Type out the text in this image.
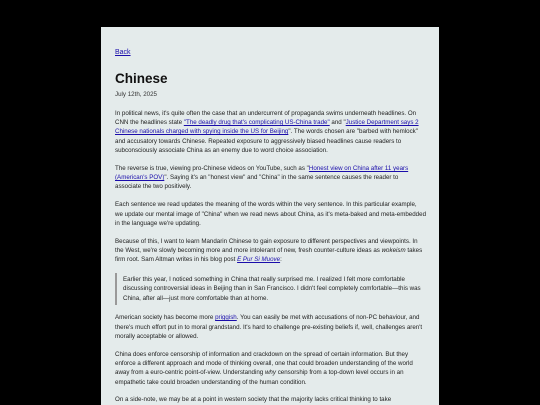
Back
Chinese
July 12th, 2025

In political news, it's quite often the case that an undercurrent of propaganda swims underneath headlines. On CNN the headlines state "The deadly drug that's complicating US-China trade" and "Justice Department says 2 Chinese nationals charged with spying inside the US for Beijing". The words chosen are "barbed with hemlock" and accusatory towards Chinese. Repeated exposure to aggressively biased headlines cause readers to subconsciously associate China as an enemy due to word choice association.

The reverse is true, viewing pro-Chinese videos on YouTube, such as "Honest view on China after 11 years (American's POV)". Saying it's an "honest view" and "China" in the same sentence causes the reader to associate the two positively.

Each sentence we read updates the meaning of the words within the very sentence. In this particular example, we update our mental image of "China" when we read news about China, as it's meta-baked and meta-embedded in the language we're updating.

Because of this, I want to learn Mandarin Chinese to gain exposure to different perspectives and viewpoints. In the West, we're slowly becoming more and more intolerant of new, fresh counter-culture ideas as wokeism takes firm root. Sam Altman writes in his blog post E Pur Si Muove:

Earlier this year, I noticed something in China that really surprised me. I realized I felt more comfortable discussing controversial ideas in Beijing than in San Francisco. I didn't feel completely comfortable—this was China, after all—just more comfortable than at home.

American society has become more priggish. You can easily be met with accusations of non-PC behaviour, and there's much effort put in to moral grandstand. It's hard to challenge pre-existing beliefs if, well, challenges aren't morally acceptable or allowed.

China does enforce censorship of information and crackdown on the spread of certain information. But they enforce a different approach and mode of thinking overall, one that could broaden understanding of the world away from a euro-centric point-of-view. Understanding why censorship from a top-down level occurs in an empathetic take could broaden understanding of the human condition.

On a side-note, we may be at a point in western society that the majority lacks critical thinking to take
